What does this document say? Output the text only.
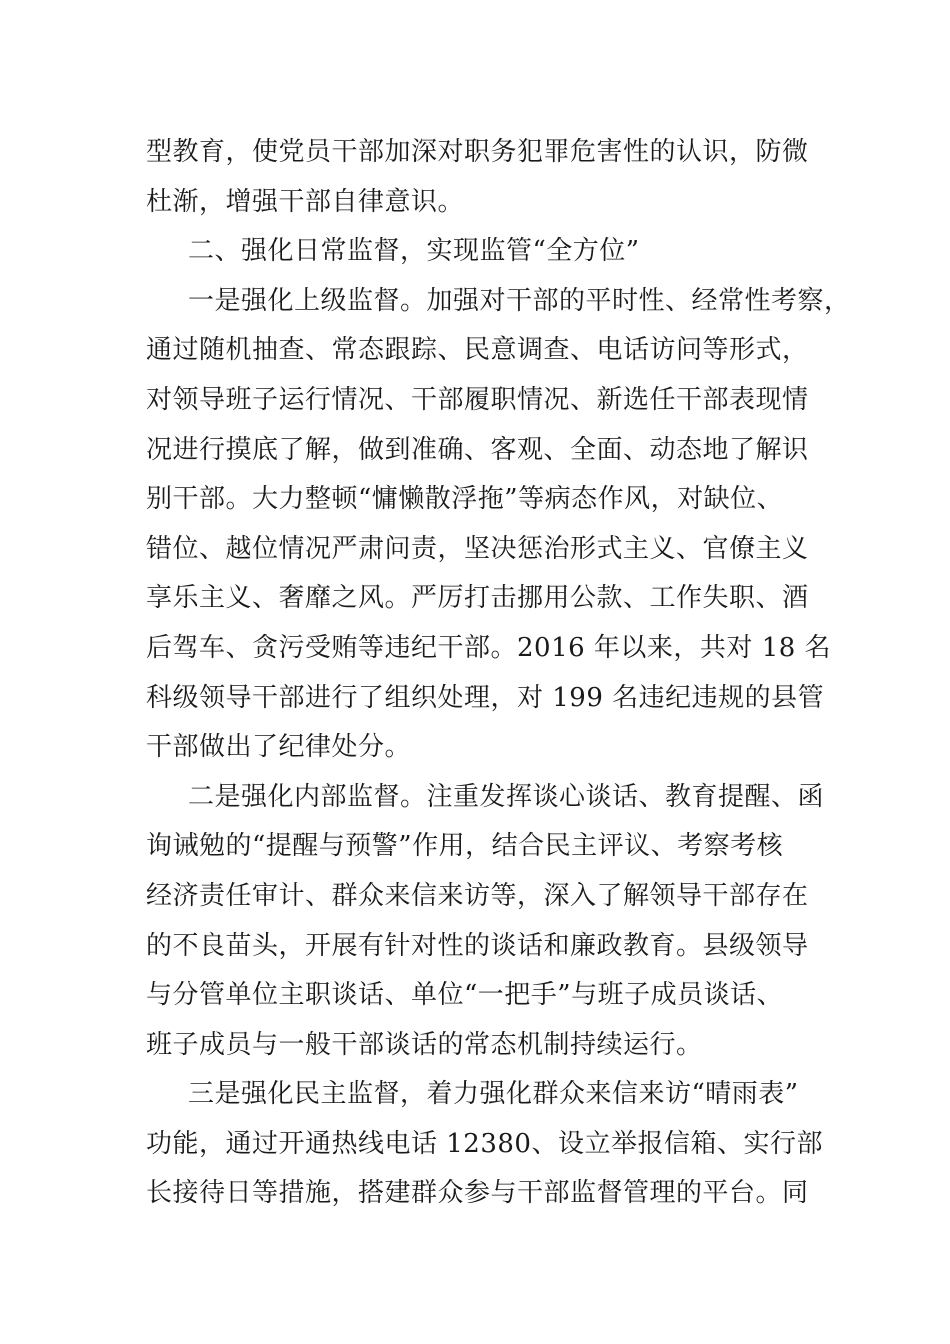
型教育，使党员干部加深对职务犯罪危害性的认识，防微
杜渐，增强干部自律意识。
二、强化日常监督，实现监管“全方位”
一是强化上级监督。加强对干部的平时性、经常性考察，
通过随机抽查、常态跟踪、民意调查、电话访问等形式，
对领导班子运行情况、干部履职情况、新选任干部表现情
况进行摸底了解，做到准确、客观、全面、动态地了解识
别干部。大力整顿“慵懒散浮拖”等病态作风，对缺位、
错位、越位情况严肃问责，坚决惩治形式主义、官僚主义
享乐主义、奢靡之风。严厉打击挪用公款、工作失职、酒
后驾车、贪污受贿等违纪干部。2016 年以来，共对 18 名
科级领导干部进行了组织处理，对 199 名违纪违规的县管
干部做出了纪律处分。
二是强化内部监督。注重发挥谈心谈话、教育提醒、函
询诫勉的“提醒与预警”作用，结合民主评议、考察考核
经济责任审计、群众来信来访等，深入了解领导干部存在
的不良苗头，开展有针对性的谈话和廉政教育。县级领导
与分管单位主职谈话、单位“一把手”与班子成员谈话、
班子成员与一般干部谈话的常态机制持续运行。
三是强化民主监督，着力强化群众来信来访“晴雨表”
功能，通过开通热线电话 12380、设立举报信箱、实行部
长接待日等措施，搭建群众参与干部监督管理的平台。同
